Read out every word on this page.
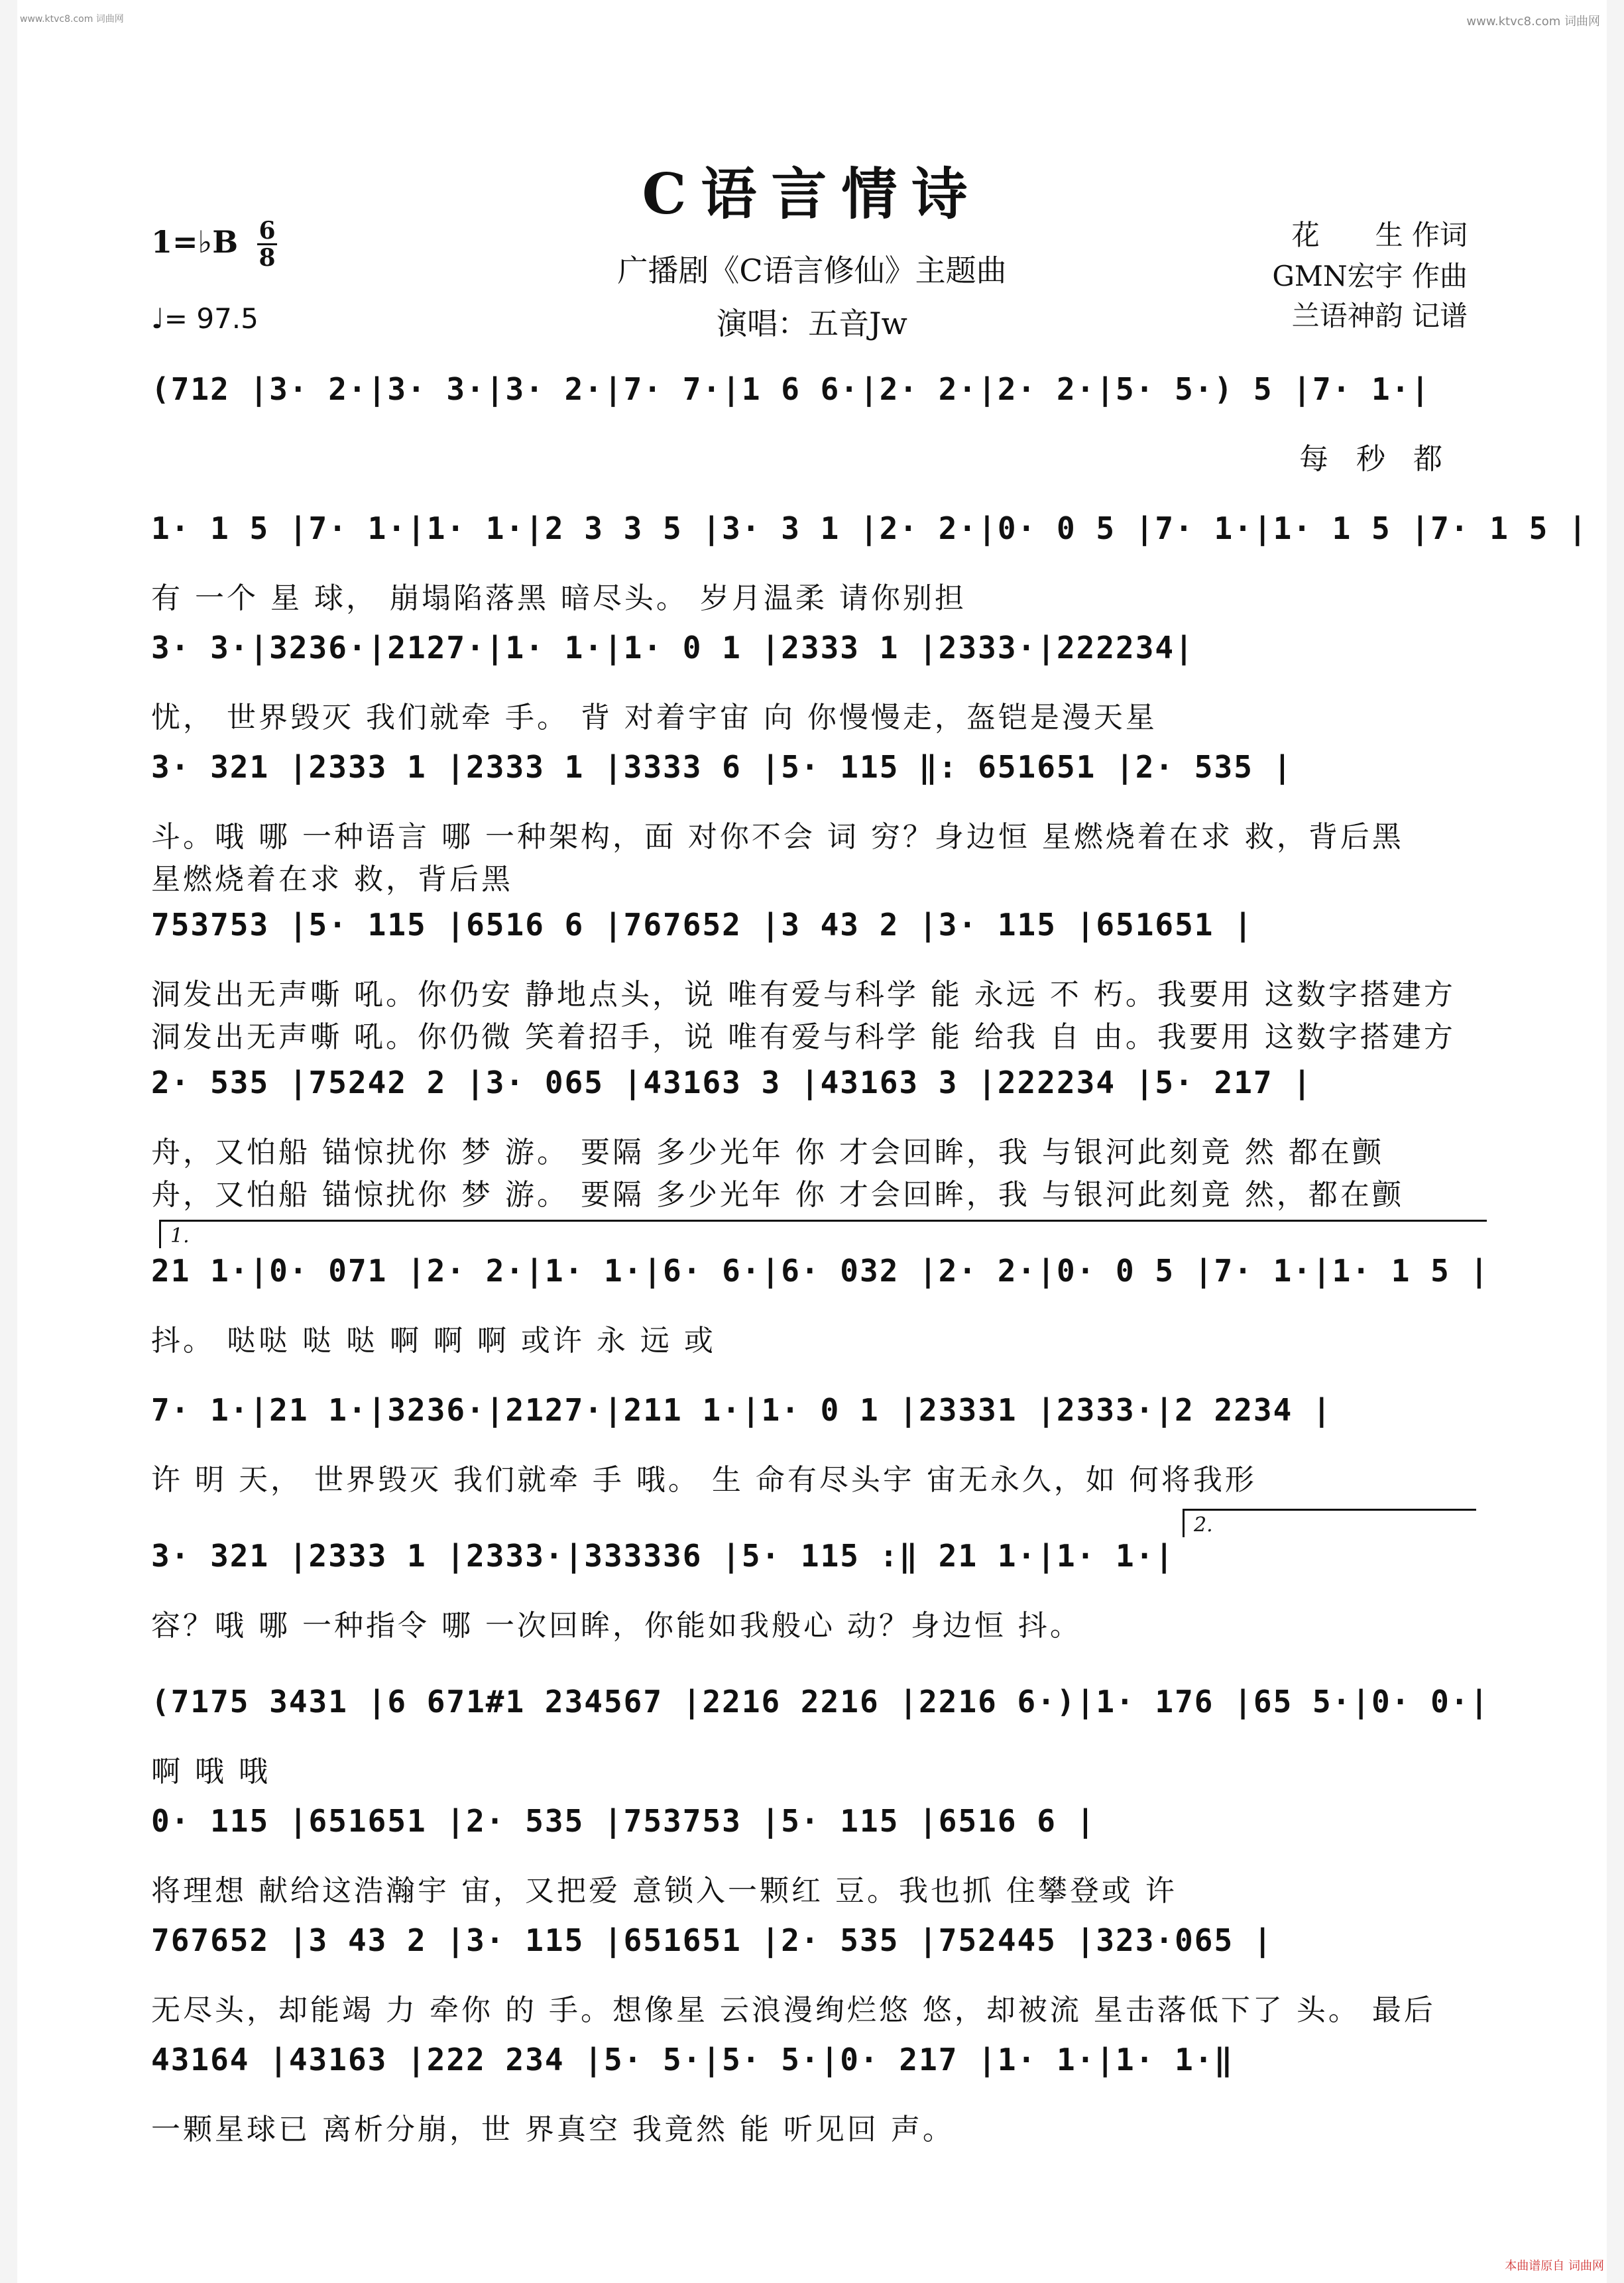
www.ktvc8.com 词曲网	www.ktvc8.com 词曲网
C语言情诗
广播剧《C语言修仙》主题曲
演唱：五音Jw
1=♭B 6
8
♩= 97.5
花　　生 作词
GMN宏宇 作曲
兰语神韵 记谱
(712 |3· 2·|3· 3·|3· 2·|7· 7·|1 6 6·|2· 2·|2· 2·|5· 5·) 5 |7· 1·|
每 秒 都
1· 1 5 |7· 1·|1· 1·|2 3 3 5 |3· 3 1 |2· 2·|0· 0 5 |7· 1·|1· 1 5 |7· 1 5 |
有 一个 星 球， 崩塌陷落黑 暗尽头。 岁月温柔 请你别担
3· 3·|3236·|2127·|1· 1·|1· 0 1 |2333 1 |2333·|222234|
忧， 世界毁灭 我们就牵 手。 背 对着宇宙 向 你慢慢走，盔铠是漫天星
3· 321 |2333 1 |2333 1 |3333 6 |5· 115 ‖: 651651 |2· 535 |
斗。哦 哪 一种语言 哪 一种架构，面 对你不会 词 穷？身边恒 星燃烧着在求 救，背后黑
星燃烧着在求 救，背后黑
753753 |5· 115 |6516 6 |767652 |3 43 2 |3· 115 |651651 |
洞发出无声嘶 吼。你仍安 静地点头，说 唯有爱与科学 能 永远 不 朽。我要用 这数字搭建方
洞发出无声嘶 吼。你仍微 笑着招手，说 唯有爱与科学 能 给我 自 由。我要用 这数字搭建方
2· 535 |75242 2 |3· 065 |43163 3 |43163 3 |222234 |5· 217 |
舟，又怕船 锚惊扰你 梦 游。 要隔 多少光年 你 才会回眸，我 与银河此刻竟 然 都在颤
舟，又怕船 锚惊扰你 梦 游。 要隔 多少光年 你 才会回眸，我 与银河此刻竟 然，都在颤
21 1·|0· 071 |2· 2·|1· 1·|6· 6·|6· 032 |2· 2·|0· 0 5 |7· 1·|1· 1 5 |
抖。 哒哒 哒 哒 啊 啊 啊 或许 永 远 或
7· 1·|21 1·|3236·|2127·|211 1·|1· 0 1 |23331 |2333·|2 2234 |
许 明 天， 世界毁灭 我们就牵 手 哦。 生 命有尽头宇 宙无永久，如 何将我形
3· 321 |2333 1 |2333·|333336 |5· 115 :‖ 21 1·|1· 1·|
容？哦 哪 一种指令 哪 一次回眸，你能如我般心 动？身边恒 抖。
(7175 3431 |6 671#1 234567 |2216 2216 |2216 6·)|1· 176 |65 5·|0· 0·|
啊 哦 哦
0· 115 |651651 |2· 535 |753753 |5· 115 |6516 6 |
将理想 献给这浩瀚宇 宙，又把爱 意锁入一颗红 豆。我也抓 住攀登或 许
767652 |3 43 2 |3· 115 |651651 |2· 535 |752445 |323·065 |
无尽头，却能竭 力 牵你 的 手。想像星 云浪漫绚烂悠 悠，却被流 星击落低下了 头。 最后
43164 |43163 |222 234 |5· 5·|5· 5·|0· 217 |1· 1·|1· 1·‖
一颗星球已 离析分崩，世 界真空 我竟然 能 听见回 声。
1.
2.
本曲谱原自 词曲网
